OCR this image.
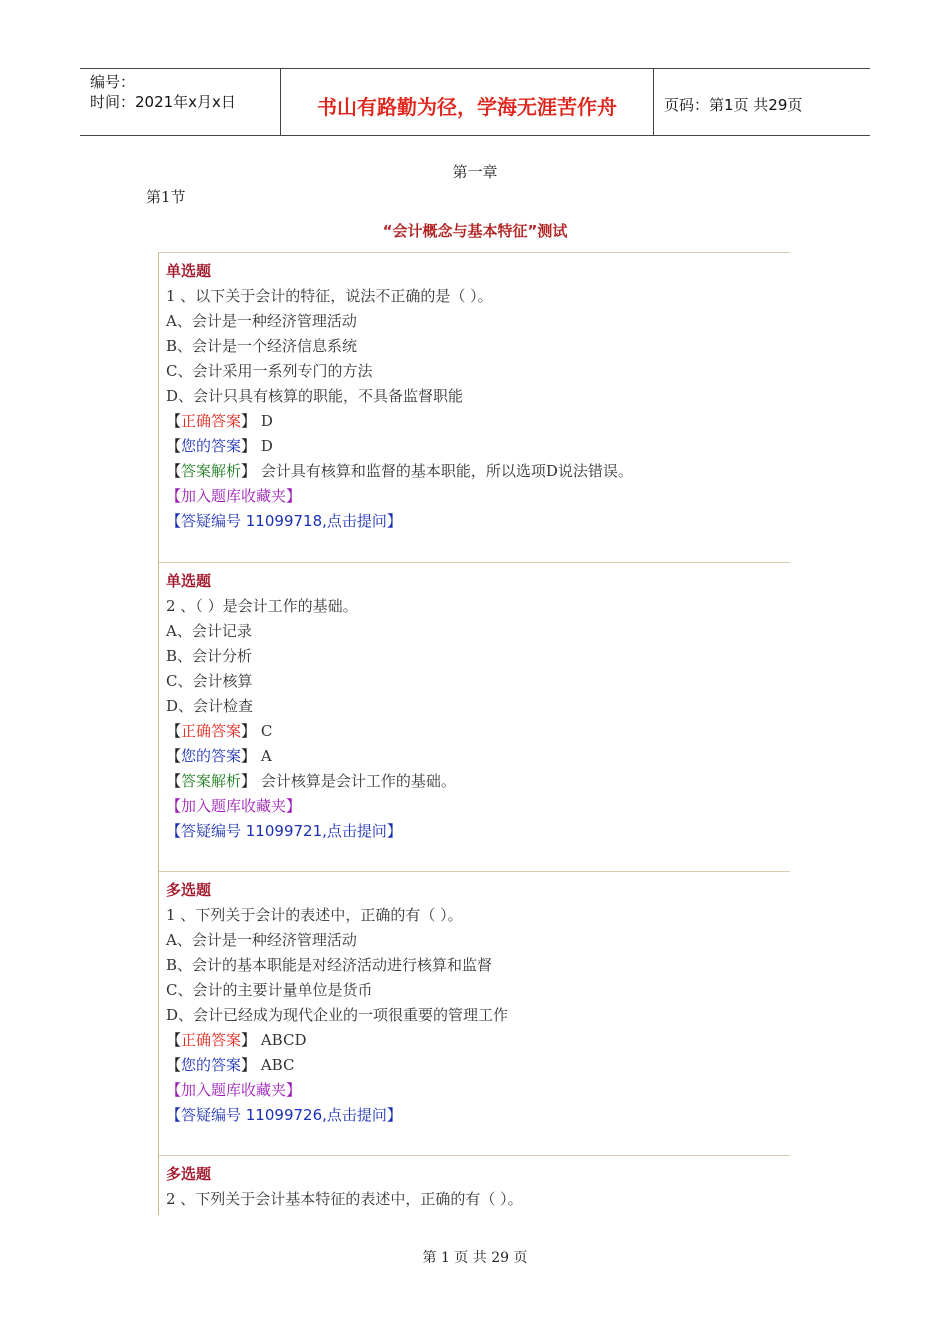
编号：
时间：2021年x月x日	书山有路勤为径，学海无涯苦作舟	页码：第1页 共29页
第一章
第1节
“会计概念与基本特征”测试
单选题
1 、以下关于会计的特征，说法不正确的是（ ）。
A、会计是一种经济管理活动
B、会计是一个经济信息系统
C、会计采用一系列专门的方法
D、会计只具有核算的职能，不具备监督职能
【正确答案】 D
【您的答案】 D
【答案解析】 会计具有核算和监督的基本职能，所以选项D说法错误。
【加入题库收藏夹】
【答疑编号 11099718,点击提问】
单选题
2 、（ ）是会计工作的基础。
A、会计记录
B、会计分析
C、会计核算
D、会计检查
【正确答案】 C
【您的答案】 A
【答案解析】 会计核算是会计工作的基础。
【加入题库收藏夹】
【答疑编号 11099721,点击提问】
多选题
1 、下列关于会计的表述中，正确的有（ ）。
A、会计是一种经济管理活动
B、会计的基本职能是对经济活动进行核算和监督
C、会计的主要计量单位是货币
D、会计已经成为现代企业的一项很重要的管理工作
【正确答案】 ABCD
【您的答案】 ABC
【加入题库收藏夹】
【答疑编号 11099726,点击提问】
多选题
2 、下列关于会计基本特征的表述中，正确的有（ ）。
第 1 页 共 29 页
